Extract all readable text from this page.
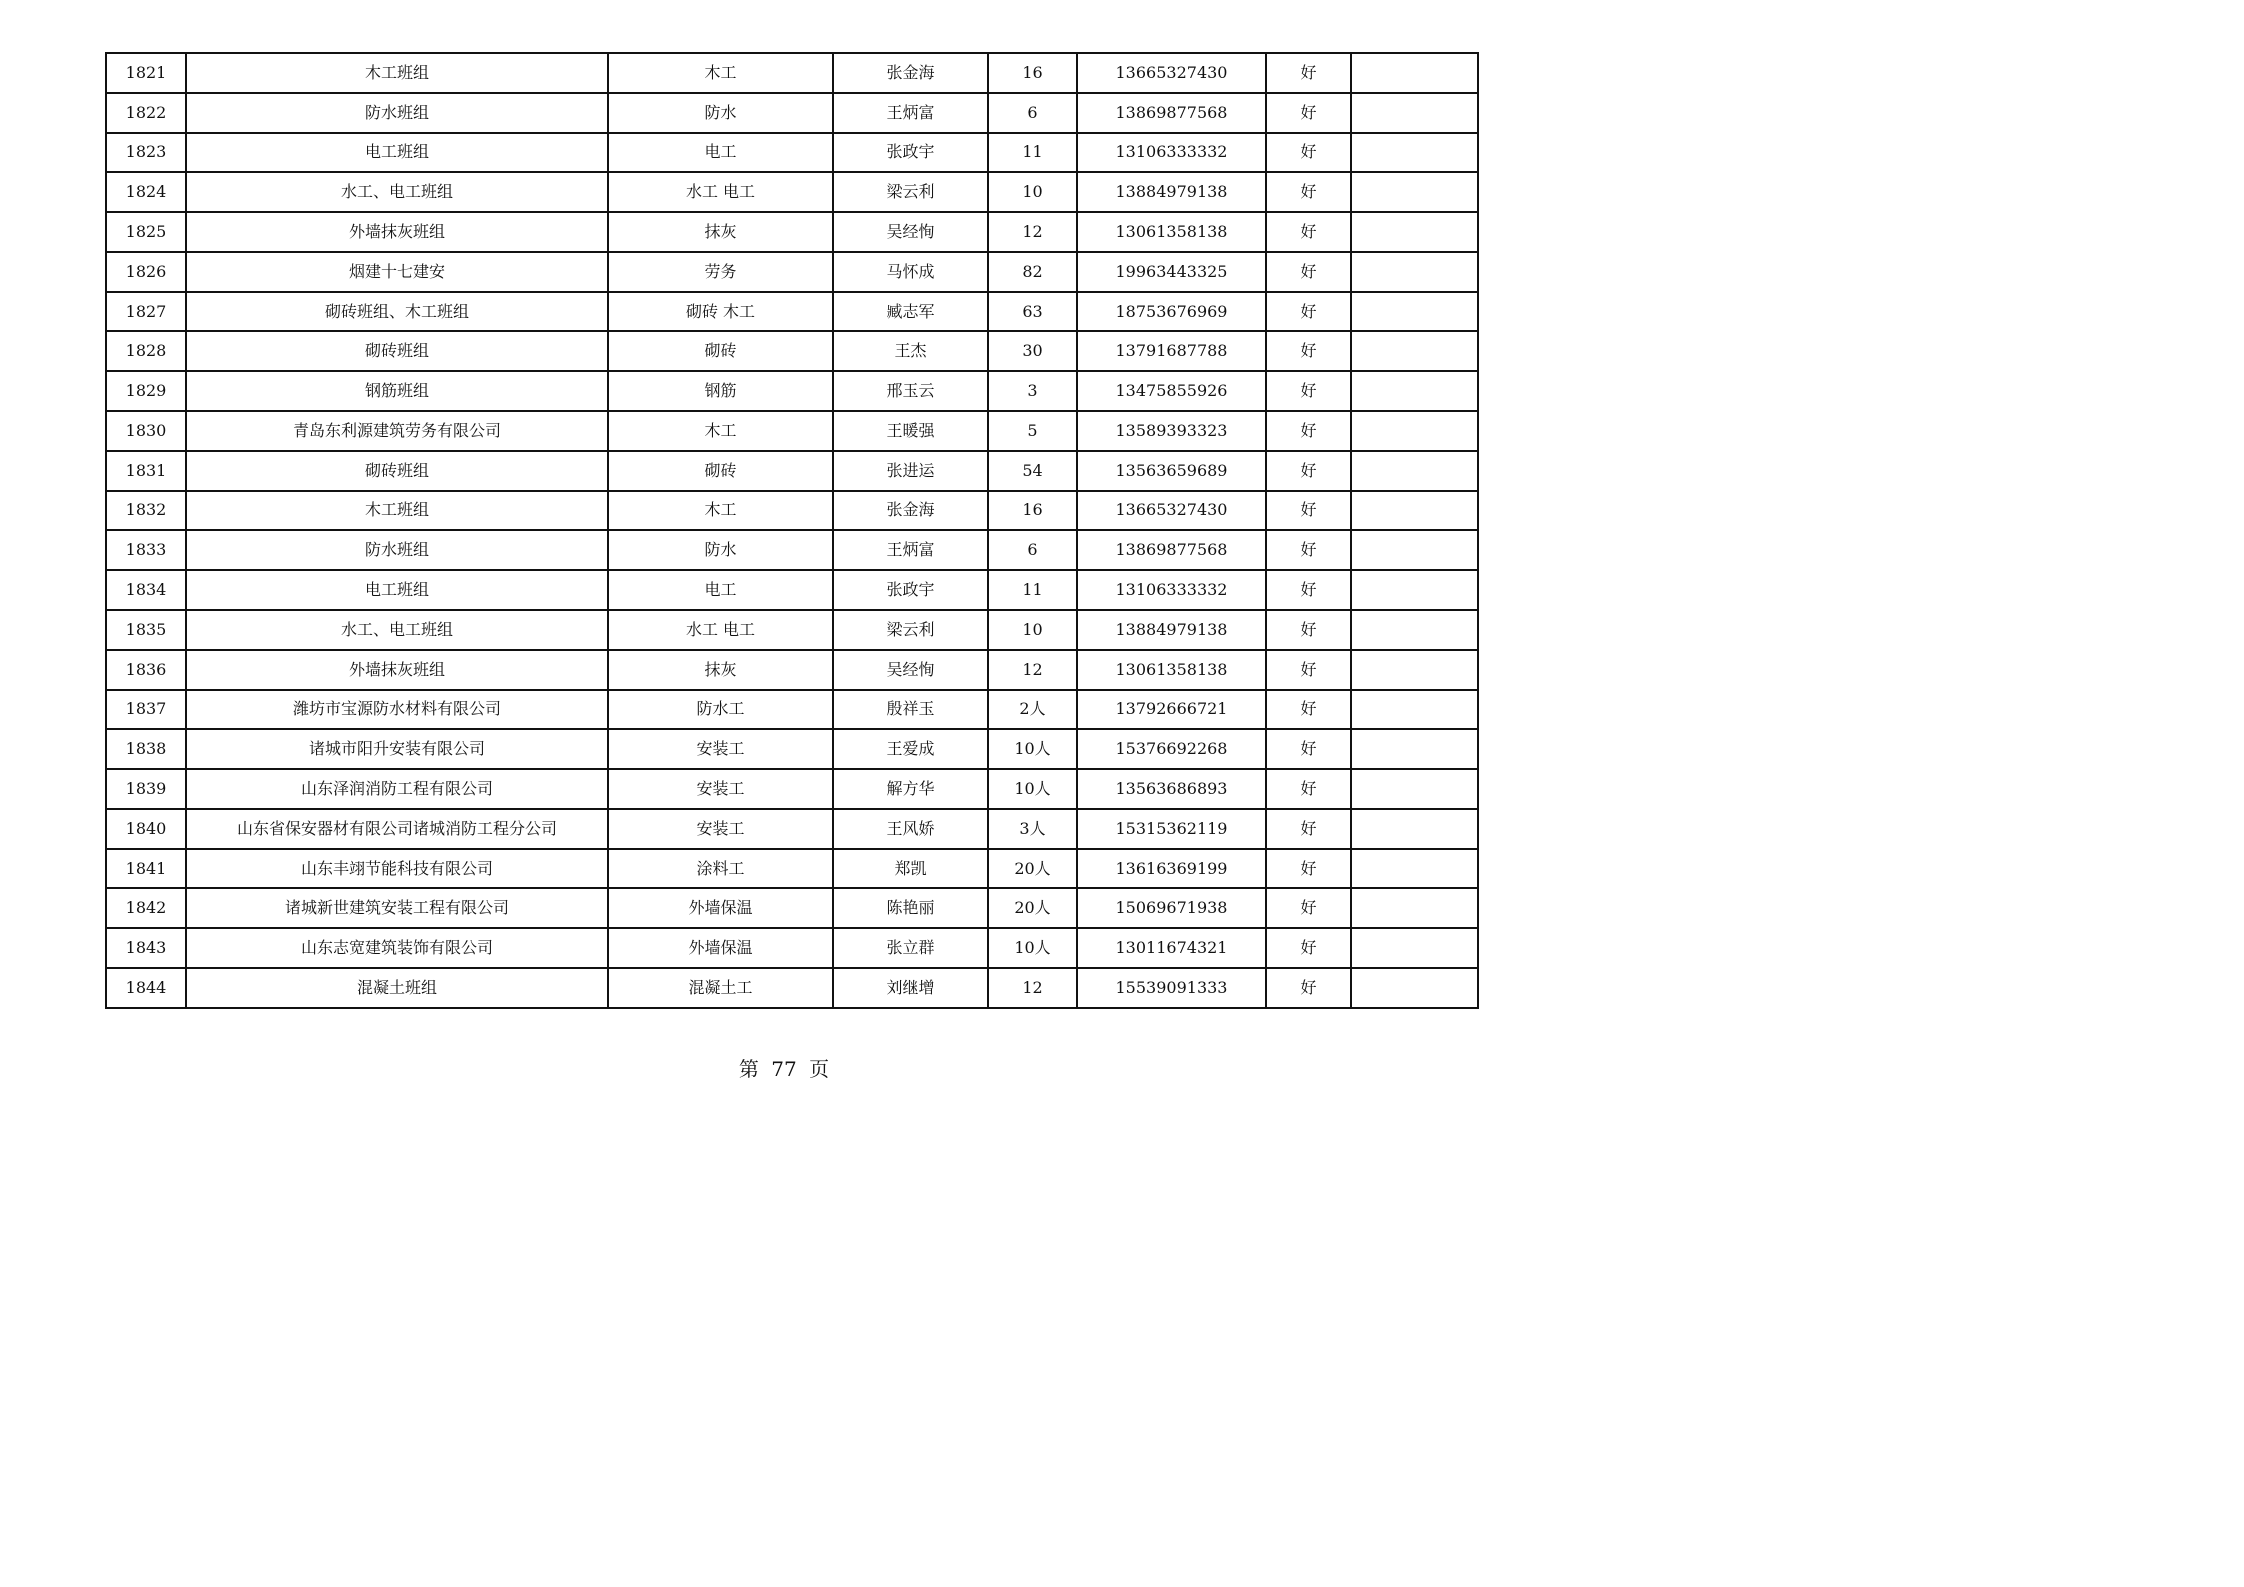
1821	木工班组	木工	张金海	16	13665327430	好	
1822	防水班组	防水	王炳富	6	13869877568	好	
1823	电工班组	电工	张政宇	11	13106333332	好	
1824	水工、电工班组	水工 电工	梁云利	10	13884979138	好	
1825	外墙抹灰班组	抹灰	吴经恂	12	13061358138	好	
1826	烟建十七建安	劳务	马怀成	82	19963443325	好	
1827	砌砖班组、木工班组	砌砖 木工	臧志军	63	18753676969	好	
1828	砌砖班组	砌砖	王杰	30	13791687788	好	
1829	钢筋班组	钢筋	邢玉云	3	13475855926	好	
1830	青岛东利源建筑劳务有限公司	木工	王暖强	5	13589393323	好	
1831	砌砖班组	砌砖	张进运	54	13563659689	好	
1832	木工班组	木工	张金海	16	13665327430	好	
1833	防水班组	防水	王炳富	6	13869877568	好	
1834	电工班组	电工	张政宇	11	13106333332	好	
1835	水工、电工班组	水工 电工	梁云利	10	13884979138	好	
1836	外墙抹灰班组	抹灰	吴经恂	12	13061358138	好	
1837	潍坊市宝源防水材料有限公司	防水工	殷祥玉	2人	13792666721	好	
1838	诸城市阳升安装有限公司	安装工	王爱成	10人	15376692268	好	
1839	山东泽润消防工程有限公司	安装工	解方华	10人	13563686893	好	
1840	山东省保安器材有限公司诸城消防工程分公司	安装工	王风娇	3人	15315362119	好	
1841	山东丰翊节能科技有限公司	涂料工	郑凯	20人	13616369199	好	
1842	诸城新世建筑安装工程有限公司	外墙保温	陈艳丽	20人	15069671938	好	
1843	山东志宽建筑装饰有限公司	外墙保温	张立群	10人	13011674321	好	
1844	混凝土班组	混凝土工	刘继增	12	15539091333	好	
第 77 页
